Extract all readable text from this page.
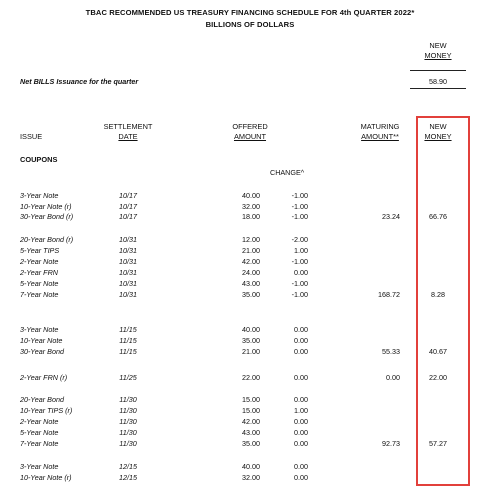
TBAC RECOMMENDED US TREASURY FINANCING SCHEDULE FOR 4th QUARTER 2022*
BILLIONS OF DOLLARS
NEW
MONEY
Net BILLS Issuance for the quarter	58.90
ISSUE
SETTLEMENT
DATE
OFFERED
AMOUNT
MATURING
AMOUNT**
NEW
MONEY
COUPONS
CHANGE^
3-Year Note	10/17	40.00	-1.00
10-Year Note (r)	10/17	32.00	-1.00
30-Year Bond (r)	10/17	18.00	-1.00	23.24	66.76
20-Year Bond (r)	10/31	12.00	-2.00
5-Year TIPS	10/31	21.00	1.00
2-Year Note	10/31	42.00	-1.00
2-Year FRN	10/31	24.00	0.00
5-Year Note	10/31	43.00	-1.00
7-Year Note	10/31	35.00	-1.00	168.72	8.28
3-Year Note	11/15	40.00	0.00
10-Year Note	11/15	35.00	0.00
30-Year Bond	11/15	21.00	0.00	55.33	40.67
2-Year FRN (r)	11/25	22.00	0.00	0.00	22.00
20-Year Bond	11/30	15.00	0.00
10-Year TIPS (r)	11/30	15.00	1.00
2-Year Note	11/30	42.00	0.00
5-Year Note	11/30	43.00	0.00
7-Year Note	11/30	35.00	0.00	92.73	57.27
3-Year Note	12/15	40.00	0.00
10-Year Note (r)	12/15	32.00	0.00
